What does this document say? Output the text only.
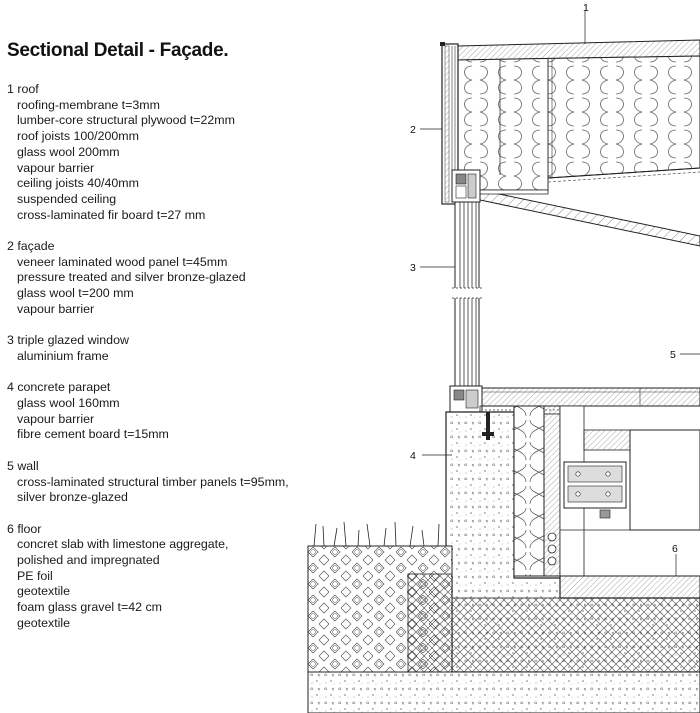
Sectional Detail - Façade.
1 roof
roofing-membrane t=3mm
lumber-core structural plywood t=22mm
roof joists 100/200mm
glass wool 200mm
vapour barrier
ceiling joists 40/40mm
suspended ceiling
cross-laminated fir board t=27 mm
2 façade
veneer laminated wood panel t=45mm
pressure treated and silver bronze-glazed
glass wool t=200 mm
vapour barrier
3 triple glazed window
aluminium frame
4 concrete parapet
glass wool 160mm
vapour barrier
fibre cement board t=15mm
5 wall
cross-laminated structural timber panels t=95mm,
silver bronze-glazed
6 floor
concret slab with limestone aggregate,
polished and impregnated
PE foil
geotextile
foam glass gravel t=42 cm
geotextile
1
2
3
4
5
6
